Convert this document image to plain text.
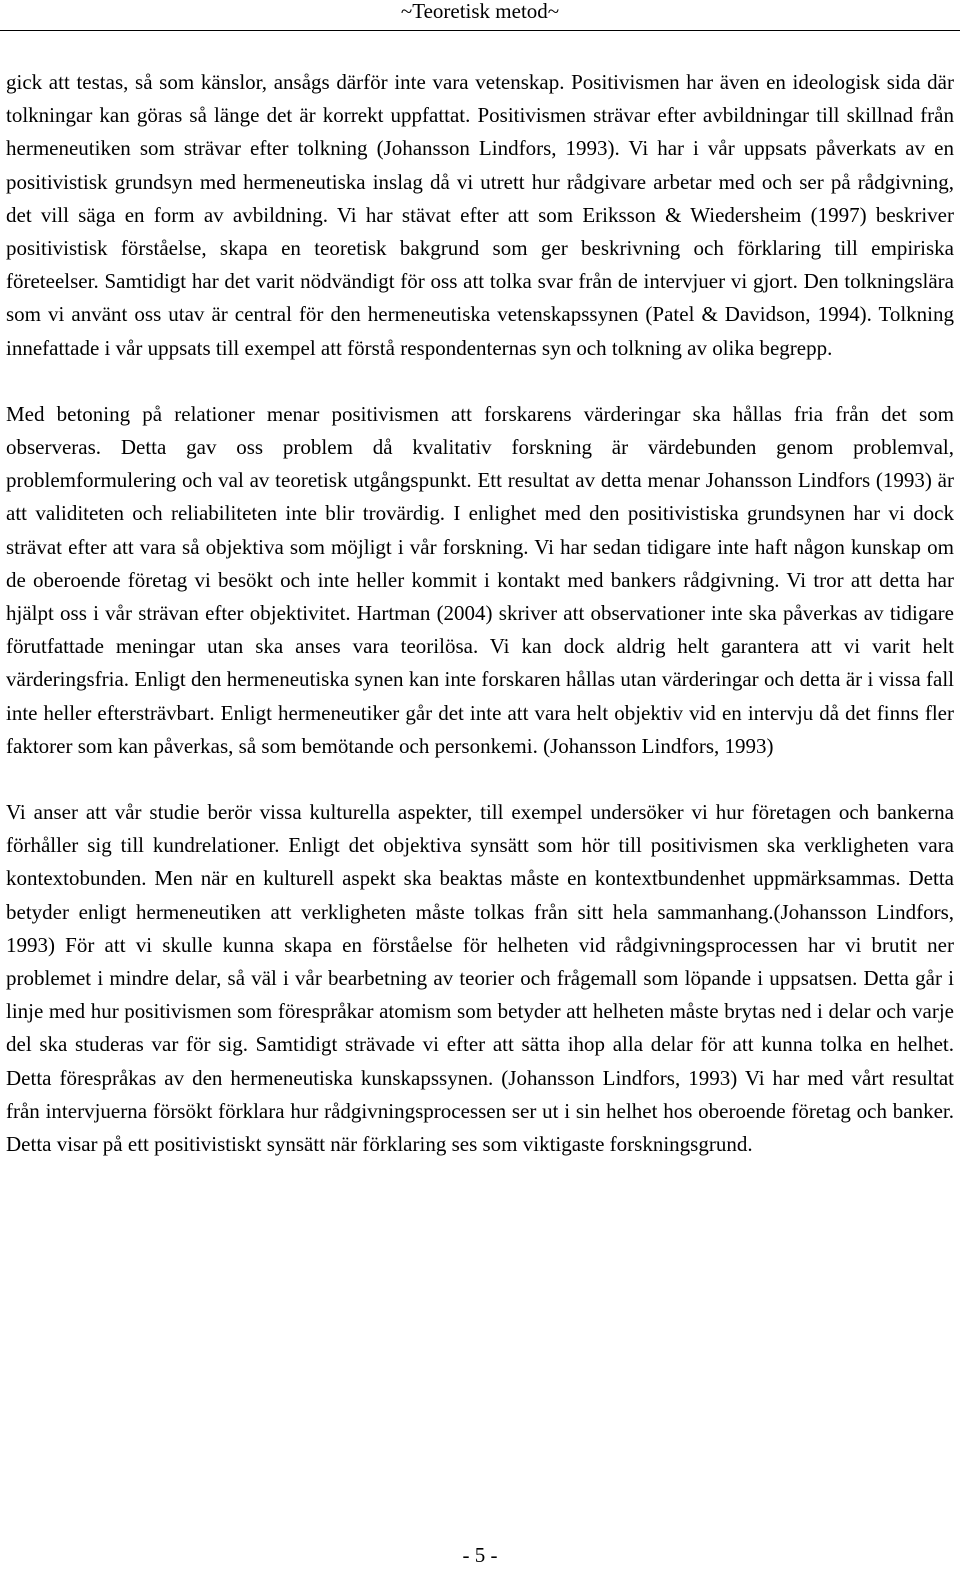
~Teoretisk metod~

gick att testas, så som känslor, ansågs därför inte vara vetenskap. Positivismen har även en ideologisk sida där tolkningar kan göras så länge det är korrekt uppfattat. Positivismen strävar efter avbildningar till skillnad från hermeneutiken som strävar efter tolkning (Johansson Lindfors, 1993). Vi har i vår uppsats påverkats av en positivistisk grundsyn med hermeneutiska inslag då vi utrett hur rådgivare arbetar med och ser på rådgivning, det vill säga en form av avbildning. Vi har stävat efter att som Eriksson & Wiedersheim (1997) beskriver positivistisk förståelse, skapa en teoretisk bakgrund som ger beskrivning och förklaring till empiriska företeelser. Samtidigt har det varit nödvändigt för oss att tolka svar från de intervjuer vi gjort. Den tolkningslära som vi använt oss utav är central för den hermeneutiska vetenskapssynen (Patel & Davidson, 1994). Tolkning innefattade i vår uppsats till exempel att förstå respondenternas syn och tolkning av olika begrepp.

Med betoning på relationer menar positivismen att forskarens värderingar ska hållas fria från det som observeras. Detta gav oss problem då kvalitativ forskning är värdebunden genom problemval, problemformulering och val av teoretisk utgångspunkt. Ett resultat av detta menar Johansson Lindfors (1993) är att validiteten och reliabiliteten inte blir trovärdig. I enlighet med den positivistiska grundsynen har vi dock strävat efter att vara så objektiva som möjligt i vår forskning. Vi har sedan tidigare inte haft någon kunskap om de oberoende företag vi besökt och inte heller kommit i kontakt med bankers rådgivning. Vi tror att detta har hjälpt oss i vår strävan efter objektivitet. Hartman (2004) skriver att observationer inte ska påverkas av tidigare förutfattade meningar utan ska anses vara teorilösa. Vi kan dock aldrig helt garantera att vi varit helt värderingsfria. Enligt den hermeneutiska synen kan inte forskaren hållas utan värderingar och detta är i vissa fall inte heller eftersträvbart. Enligt hermeneutiker går det inte att vara helt objektiv vid en intervju då det finns fler faktorer som kan påverkas, så som bemötande och personkemi. (Johansson Lindfors, 1993)

Vi anser att vår studie berör vissa kulturella aspekter, till exempel undersöker vi hur företagen och bankerna förhåller sig till kundrelationer. Enligt det objektiva synsätt som hör till positivismen ska verkligheten vara kontextobunden. Men när en kulturell aspekt ska beaktas måste en kontextbundenhet uppmärksammas. Detta betyder enligt hermeneutiken att verkligheten måste tolkas från sitt hela sammanhang.(Johansson Lindfors, 1993) För att vi skulle kunna skapa en förståelse för helheten vid rådgivningsprocessen har vi brutit ner problemet i mindre delar, så väl i vår bearbetning av teorier och frågemall som löpande i uppsatsen. Detta går i linje med hur positivismen som förespråkar atomism som betyder att helheten måste brytas ned i delar och varje del ska studeras var för sig. Samtidigt strävade vi efter att sätta ihop alla delar för att kunna tolka en helhet. Detta förespråkas av den hermeneutiska kunskapssynen. (Johansson Lindfors, 1993) Vi har med vårt resultat från intervjuerna försökt förklara hur rådgivningsprocessen ser ut i sin helhet hos oberoende företag och banker. Detta visar på ett positivistiskt synsätt när förklaring ses som viktigaste forskningsgrund.

- 5 -
